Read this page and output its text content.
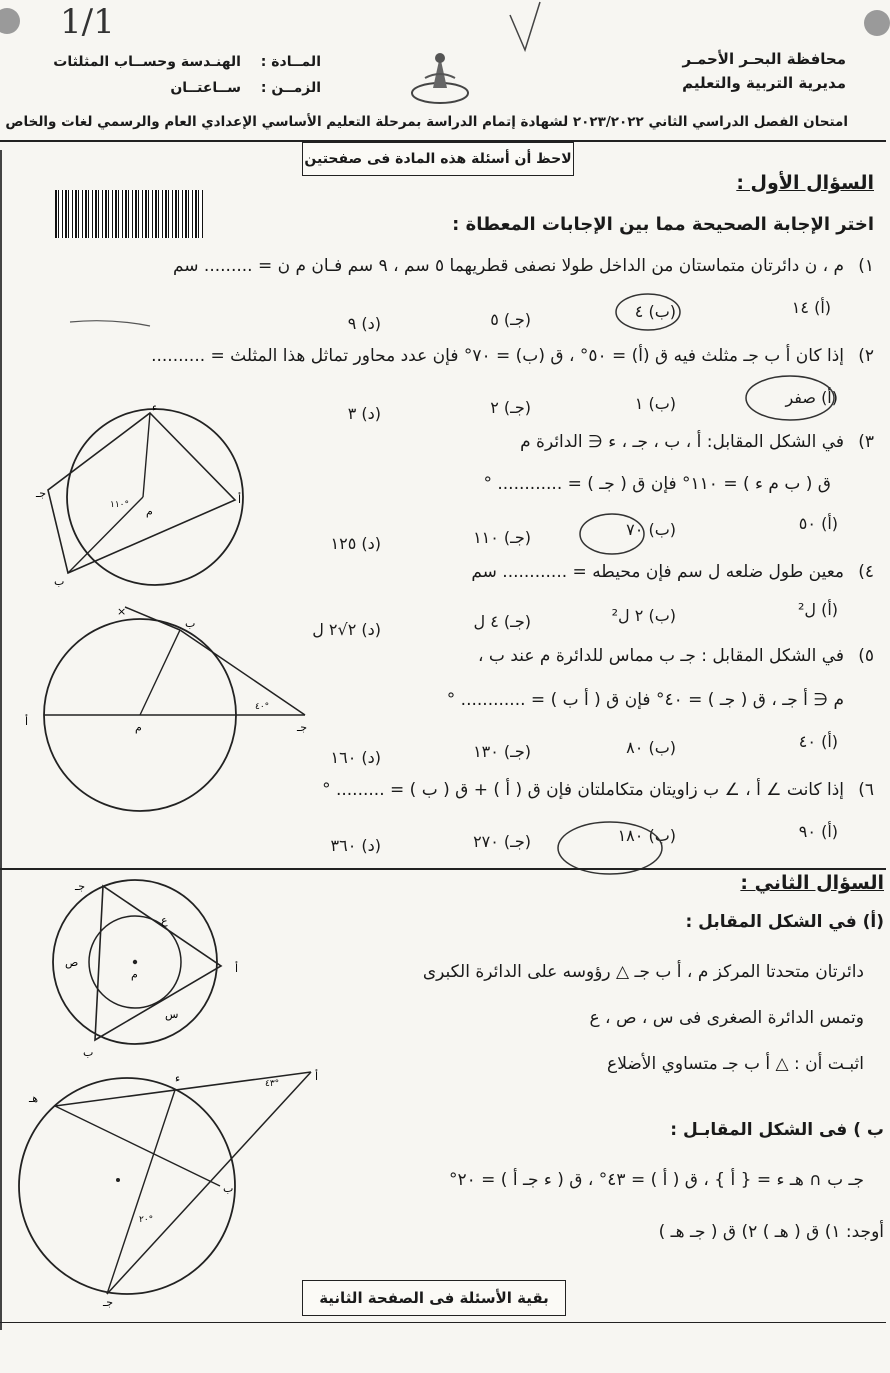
1/1
محافظة البحـر الأحمـر
مديرية التربية والتعليم
المــادة :
الهنـدسة وحســاب المثلثات
الزمــن :
ســاعتــان
امتحان الفصل الدراسي الثاني ٢٠٢٣/٢٠٢٢ لشهادة إتمام الدراسة بمرحلة التعليم الأساسي الإعدادي العام والرسمي لغات والخاص
لاحظ أن أسئلة هذه المادة فى صفحتين
السؤال الأول :
اختر الإجابة الصحيحة مما بين الإجابات المعطاة :
١)
م ، ن دائرتان متماستان من الداخل طولا نصفى قطريهما ٥ سم ، ٩ سم فـان م ن = ......... سم
(أ) ١٤
(ب) ٤
(جـ) ٥
(د) ٩
٢)
إذا كان أ ب جـ مثلث فيه ق (أ) = ٥٠° ، ق (ب) = ٧٠° فإن عدد محاور تماثل هذا المثلث = ..........
(أ) صفر
(ب) ١
(جـ) ٢
(د) ٣
٣)
في الشكل المقابل: أ ، ب ، جـ ، ء ∈ الدائرة م
ق ( ب م ء ) = ١١٠° فإن ق ( جـ ) = ............ °
(أ) ٥٠
(ب) ٧٠
(جـ) ١١٠
(د) ١٢٥
٤)
معين طول ضلعه ل سم فإن محيطه = ............ سم
(أ) ل²
(ب) ٢ ل²
(جـ) ٤ ل
(د) ٢√٢ ل
٥)
في الشكل المقابل : جـ ب مماس للدائرة م عند ب ،
م ∈ أ جـ ، ق ( جـ ) = ٤٠° فإن ق ( أ ب ) = ............ °
(أ) ٤٠
(ب) ٨٠
(جـ) ١٣٠
(د) ١٦٠
٦)
إذا كانت ∠ أ ، ∠ ب زاويتان متكاملتان فإن ق ( أ ) + ق ( ب ) = ......... °
(أ) ٩٠
(ب) ١٨٠
(جـ) ٢٧٠
(د) ٣٦٠
ء
أ
ب
جـ
م
١١٠°
×
ب
أ	م	جـ
٤٠°
السؤال الثاني :
(أ) في الشكل المقابل :
دائرتان متحدتا المركز م ، أ ب جـ △ رؤوسه على الدائرة الكبرى
وتمس الدائرة الصغرى فى س ، ص ، ع
اثبـت أن : △ أ ب جـ متساوي الأضلاع
ب ) فى الشكل المقابـل :
جـ ب ∩ هـ ء = { أ } ، ق ( أ ) = ٤٣° ، ق ( ء جـ أ ) = ٢٠°
أوجد: ١) ق ( هـ ) ٢) ق ( جـ هـ )
جـ
أ
ب
م
ع
ص
س
أ
هـ
ء
ب
جـ
٤٣°
٢٠°
بقية الأسئلة فى الصفحة الثانية
